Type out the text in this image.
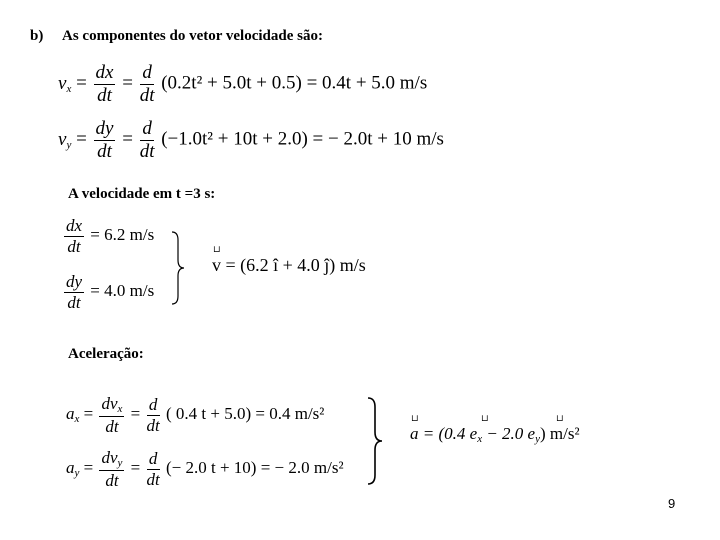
b) As componentes do vetor velocidade são:
$v_x = \frac{dx}{dt} = \frac{d}{dt} (0.2t^2 + 5.0t + 0.5) = 0.4t + 5.0$ m/s
$v_y = \frac{dy}{dt} = \frac{d}{dt} (-1.0t^2 + 10t + 2.0)$ = − 2.0t + 10 m/s
A velocidade em t =3 s:
$\frac{dx}{dt} = 6.2$ m/s
$\frac{dy}{dt} = 4.0$ m/s
v = (6.2 î + 4.0 ĵ) m/s
⊔
Aceleração:
$a_x = \frac{dv_x}{dt} = \frac{d}{dt}$ ( 0.4 t + 5.0) = 0.4 m/s²
$a_y = \frac{dv_y}{dt} = \frac{d}{dt}$ (− 2.0 t + 10) = − 2.0 m/s²
a = (0.4 $e_x - 2.0$ $e_y$) m/s²
⊔	⊔	⊔
9
